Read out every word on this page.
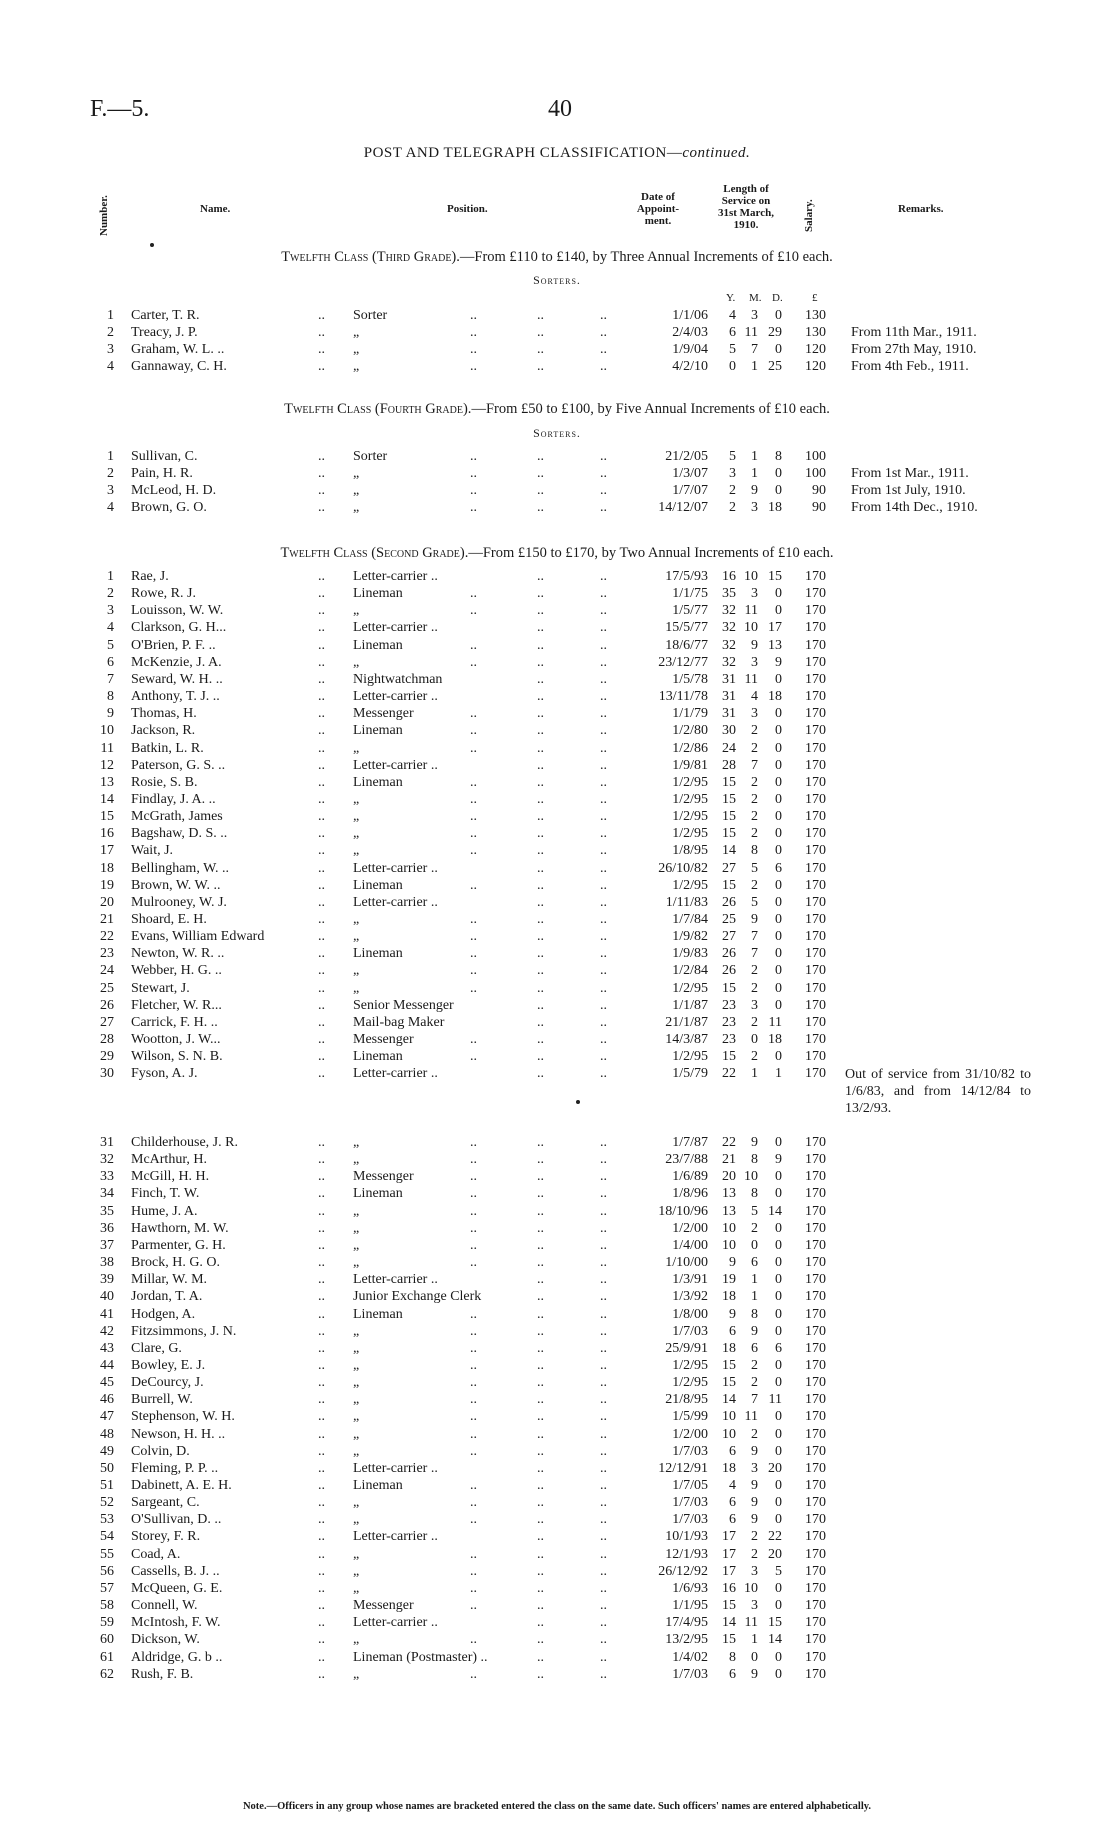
F.—5.	40
POST AND TELEGRAPH CLASSIFICATION—continued.
Number.	Name.	Position.
Date of
Appoint-
ment.
Length of
Service on
31st March,
1910.	Salary.	Remarks.
Twelfth Class (Third Grade).—From £110 to £140, by Three Annual Increments of £10 each.
Sorters.
Y. M. D.	£
1 Carter, T. R.	.. Sorter	..	..	..	1/1/06	4	3	0	130
2 Treacy, J. P.	.. „	..	..	..	2/4/03	6 11 29	130 From 11th Mar., 1911.
3 Graham, W. L. ..	.. „	..	..	..	1/9/04	5	7	0	120 From 27th May, 1910.
4 Gannaway, C. H.	.. „	..	..	..	4/2/10	0	1 25	120 From 4th Feb., 1911.
Twelfth Class (Fourth Grade).—From £50 to £100, by Five Annual Increments of £10 each.
Sorters.
1 Sullivan, C.	.. Sorter	..	..	..	21/2/05	5	1	8	100
2 Pain, H. R.	.. „	..	..	..	1/3/07	3	1	0	100 From 1st Mar., 1911.
3 McLeod, H. D.	.. „	..	..	..	1/7/07	2	9	0	90 From 1st July, 1910.
4 Brown, G. O.	.. „	..	..	..	14/12/07	2	3 18	90 From 14th Dec., 1910.
Twelfth Class (Second Grade).—From £150 to £170, by Two Annual Increments of £10 each.
1 Rae, J.	.. Letter-carrier ..	..	..	17/5/93	16 10 15	170
2 Rowe, R. J.	.. Lineman	..	..	..	1/1/75	35	3	0	170
3 Louisson, W. W.	.. „	..	..	..	1/5/77	32 11	0	170
4 Clarkson, G. H...	.. Letter-carrier ..	..	..	15/5/77	32 10 17	170
5 O'Brien, P. F. ..	.. Lineman	..	..	..	18/6/77	32	9 13	170
6 McKenzie, J. A.	.. „	..	..	..	23/12/77	32	3	9	170
7 Seward, W. H. ..	.. Nightwatchman	..	..	1/5/78	31 11	0	170
8 Anthony, T. J. ..	.. Letter-carrier ..	..	..	13/11/78	31	4 18	170
9 Thomas, H.	.. Messenger	..	..	..	1/1/79	31	3	0	170
10 Jackson, R.	.. Lineman	..	..	..	1/2/80	30	2	0	170
11 Batkin, L. R.	.. „	..	..	..	1/2/86	24	2	0	170
12 Paterson, G. S. ..	.. Letter-carrier ..	..	..	1/9/81	28	7	0	170
13 Rosie, S. B.	.. Lineman	..	..	..	1/2/95	15	2	0	170
14 Findlay, J. A. ..	.. „	..	..	..	1/2/95	15	2	0	170
15 McGrath, James	.. „	..	..	..	1/2/95	15	2	0	170
16 Bagshaw, D. S. ..	.. „	..	..	..	1/2/95	15	2	0	170
17 Wait, J.	.. „	..	..	..	1/8/95	14	8	0	170
18 Bellingham, W. ..	.. Letter-carrier ..	..	..	26/10/82	27	5	6	170
19 Brown, W. W. ..	.. Lineman	..	..	..	1/2/95	15	2	0	170
20 Mulrooney, W. J.	.. Letter-carrier ..	..	..	1/11/83	26	5	0	170
21 Shoard, E. H.	.. „	..	..	..	1/7/84	25	9	0	170
22 Evans, William Edward	.. „	..	..	..	1/9/82	27	7	0	170
23 Newton, W. R. ..	.. Lineman	..	..	..	1/9/83	26	7	0	170
24 Webber, H. G. ..	.. „	..	..	..	1/2/84	26	2	0	170
25 Stewart, J.	.. „	..	..	..	1/2/95	15	2	0	170
26 Fletcher, W. R...	.. Senior Messenger	..	..	1/1/87	23	3	0	170
27 Carrick, F. H. ..	.. Mail-bag Maker	..	..	21/1/87	23	2 11	170
28 Wootton, J. W...	.. Messenger	..	..	..	14/3/87	23	0 18	170
29 Wilson, S. N. B.	.. Lineman	..	..	..	1/2/95	15	2	0	170
30 Fyson, A. J.	.. Letter-carrier ..	..	..	1/5/79	22	1	1	170 Out of service from 31/10/82 to 1/6/83, and from 14/12/84 to 13/2/93.
31 Childerhouse, J. R.	.. „	..	..	..	1/7/87	22	9	0	170
32 McArthur, H.	.. „	..	..	..	23/7/88	21	8	9	170
33 McGill, H. H.	.. Messenger	..	..	..	1/6/89	20 10	0	170
34 Finch, T. W.	.. Lineman	..	..	..	1/8/96	13	8	0	170
35 Hume, J. A.	.. „	..	..	..	18/10/96	13	5 14	170
36 Hawthorn, M. W.	.. „	..	..	..	1/2/00	10	2	0	170
37 Parmenter, G. H.	.. „	..	..	..	1/4/00	10	0	0	170
38 Brock, H. G. O.	.. „	..	..	..	1/10/00	9	6	0	170
39 Millar, W. M.	.. Letter-carrier ..	..	..	1/3/91	19	1	0	170
40 Jordan, T. A.	.. Junior Exchange Clerk	..	..	1/3/92	18	1	0	170
41 Hodgen, A.	.. Lineman	..	..	..	1/8/00	9	8	0	170
42 Fitzsimmons, J. N.	.. „	..	..	..	1/7/03	6	9	0	170
43 Clare, G.	.. „	..	..	..	25/9/91	18	6	6	170
44 Bowley, E. J.	.. „	..	..	..	1/2/95	15	2	0	170
45 DeCourcy, J.	.. „	..	..	..	1/2/95	15	2	0	170
46 Burrell, W.	.. „	..	..	..	21/8/95	14	7 11	170
47 Stephenson, W. H.	.. „	..	..	..	1/5/99	10 11	0	170
48 Newson, H. H. ..	.. „	..	..	..	1/2/00	10	2	0	170
49 Colvin, D.	.. „	..	..	..	1/7/03	6	9	0	170
50 Fleming, P. P. ..	.. Letter-carrier ..	..	..	12/12/91	18	3 20	170
51 Dabinett, A. E. H.	.. Lineman	..	..	..	1/7/05	4	9	0	170
52 Sargeant, C.	.. „	..	..	..	1/7/03	6	9	0	170
53 O'Sullivan, D. ..	.. „	..	..	..	1/7/03	6	9	0	170
54 Storey, F. R.	.. Letter-carrier ..	..	..	10/1/93	17	2 22	170
55 Coad, A.	.. „	..	..	..	12/1/93	17	2 20	170
56 Cassells, B. J. ..	.. „	..	..	..	26/12/92	17	3	5	170
57 McQueen, G. E.	.. „	..	..	..	1/6/93	16 10	0	170
58 Connell, W.	.. Messenger	..	..	..	1/1/95	15	3	0	170
59 McIntosh, F. W.	.. Letter-carrier ..	..	..	17/4/95	14 11 15	170
60 Dickson, W.	.. „	..	..	..	13/2/95	15	1 14	170
61 Aldridge, G. b ..	.. Lineman (Postmaster) ..	..	..	1/4/02	8	0	0	170
62 Rush, F. B.	.. „	..	..	..	1/7/03	6	9	0	170
Note.—Officers in any group whose names are bracketed entered the class on the same date. Such officers' names are entered alphabetically.
